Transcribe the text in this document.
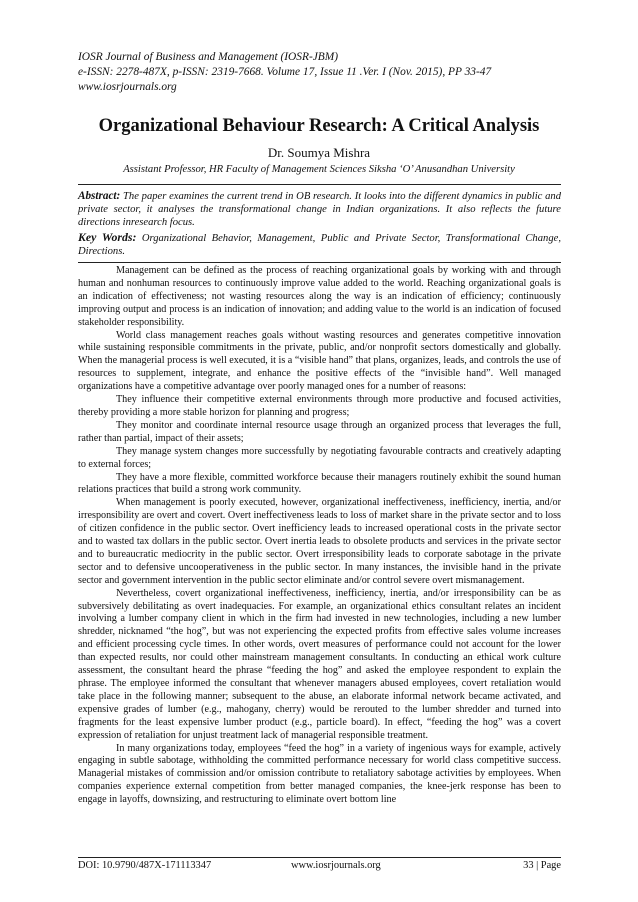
IOSR Journal of Business and Management (IOSR-JBM)
e-ISSN: 2278-487X, p-ISSN: 2319-7668. Volume 17, Issue 11 .Ver. I (Nov. 2015), PP 33-47
www.iosrjournals.org
Organizational Behaviour Research: A Critical Analysis
Dr. Soumya Mishra
Assistant Professor, HR Faculty of Management Sciences Siksha ‘O’ Anusandhan University
Abstract: The paper examines the current trend in OB research. It looks into the different dynamics in public and private sector, it analyses the transformational change in Indian organizations. It also reflects the future directions inresearch focus.
Key Words: Organizational Behavior, Management, Public and Private Sector, Transformational Change, Directions.

Management can be defined as the process of reaching organizational goals by working with and through human and nonhuman resources to continuously improve value added to the world. Reaching organizational goals is an indication of effectiveness; not wasting resources along the way is an indication of efficiency; continuously improving output and process is an indication of innovation; and adding value to the world is an indication of focused stakeholder responsibility.

World class management reaches goals without wasting resources and generates competitive innovation while sustaining responsible commitments in the private, public, and/or nonprofit sectors domestically and globally. When the managerial process is well executed, it is a “visible hand” that plans, organizes, leads, and controls the use of resources to supplement, integrate, and enhance the positive effects of the “invisible hand”. Well managed organizations have a competitive advantage over poorly managed ones for a number of reasons:

They influence their competitive external environments through more productive and focused activities, thereby providing a more stable horizon for planning and progress;

They monitor and coordinate internal resource usage through an organized process that leverages the full, rather than partial, impact of their assets;

They manage system changes more successfully by negotiating favourable contracts and creatively adapting to external forces;

They have a more flexible, committed workforce because their managers routinely exhibit the sound human relations practices that build a strong work community.

When management is poorly executed, however, organizational ineffectiveness, inefficiency, inertia, and/or irresponsibility are overt and covert. Overt ineffectiveness leads to loss of market share in the private sector and to loss of citizen confidence in the public sector. Overt inefficiency leads to increased operational costs in the private sector and to wasted tax dollars in the public sector. Overt inertia leads to obsolete products and services in the private sector and to bureaucratic mediocrity in the public sector. Overt irresponsibility leads to corporate sabotage in the private sector and to defensive uncooperativeness in the public sector. In many instances, the invisible hand in the private sector and government intervention in the public sector eliminate and/or control severe overt mismanagement.

Nevertheless, covert organizational ineffectiveness, inefficiency, inertia, and/or irresponsibility can be as subversively debilitating as overt inadequacies. For example, an organizational ethics consultant relates an incident involving a lumber company client in which in the firm had invested in new technologies, including a new lumber shredder, nicknamed “the hog”, but was not experiencing the expected profits from effective sales volume increases and efficient processing cycle times. In other words, overt measures of performance could not account for the lower than expected results, nor could other mainstream management consultants. In conducting an ethical work culture assessment, the consultant heard the phrase “feeding the hog” and asked the employee respondent to explain the phrase. The employee informed the consultant that whenever managers abused employees, covert retaliation would take place in the following manner; subsequent to the abuse, an elaborate informal network became activated, and expensive grades of lumber (e.g., mahogany, cherry) would be rerouted to the lumber shredder and turned into fragments for the least expensive lumber product (e.g., particle board). In effect, “feeding the hog” was a covert expression of retaliation for unjust treatment lack of managerial responsible treatment.

In many organizations today, employees “feed the hog” in a variety of ingenious ways for example, actively engaging in subtle sabotage, withholding the committed performance necessary for world class competitive success. Managerial mistakes of commission and/or omission contribute to retaliatory sabotage activities by employees. When companies experience external competition from better managed companies, the knee-jerk response has been to engage in layoffs, downsizing, and restructuring to eliminate overt bottom line

DOI: 10.9790/487X-171113347	www.iosrjournals.org	33 | Page
